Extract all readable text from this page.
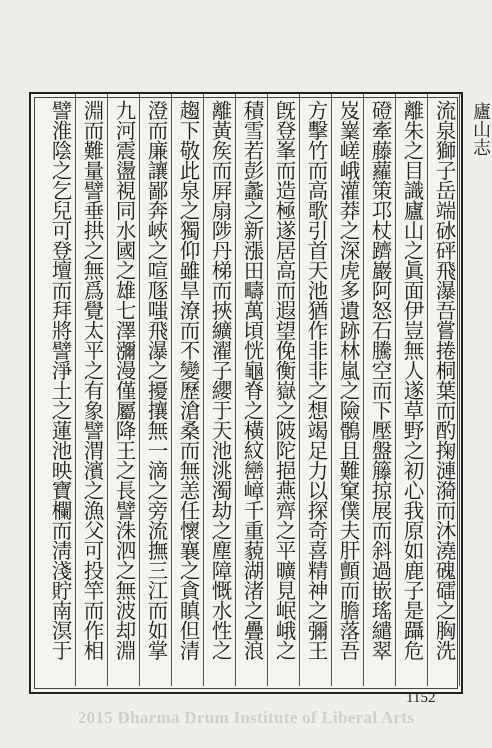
流泉獅子岳端砅砰飛瀑吾嘗捲桐葉而酌掬漣漪而沐澆磈礌之胸洗
離朱之目識廬山之眞面伊豈無人遂草野之初心我原如鹿子是躡危
磴牽藤蘿策邛杖躋巖阿怒石騰空而下壓盤籐掠展而斜過嵌瑤繾翠
岌嶪嵯峨灌莽之深虎多遺跡林嵐之險鶻且難窠僕夫肝顫而膽落吾
方擊竹而高歌引首天池猶作非非之想竭足力以探奇喜精神之彌王
旣登峯而造極遂居高而遐望俛衡嶽之陂陀挹燕齊之平曠見岷峨之
積雪若彭蠡之新漲田疇萬頃恍龜脊之橫紋巒嶂千重藐湖渚之疊浪
離黃矦而屛扇陟丹梯而挾纊濯子纓于天池洮濁劫之塵障慨水性之
趨下敬此泉之獨仰雖旱潦而不變歷滄桑而無恙任懷襄之貪瞋但清
澄而廉讓鄙奔峽之喧豗嗤飛瀑之擾攘無一滴之旁流撫三江而如掌
九河震盪視同水國之雄七澤瀰漫僅屬降王之長譬洙泗之無波却淵
淵而難量譬垂拱之無爲覺太平之有象譬渭濱之漁父可投竿而作相
譬淮陰之乞兒可登壇而拜將譬淨土之蓮池映寶欄而淸淺貯南溟于	廬山志
1152
2015 Dharma Drum Institute of Liberal Arts
